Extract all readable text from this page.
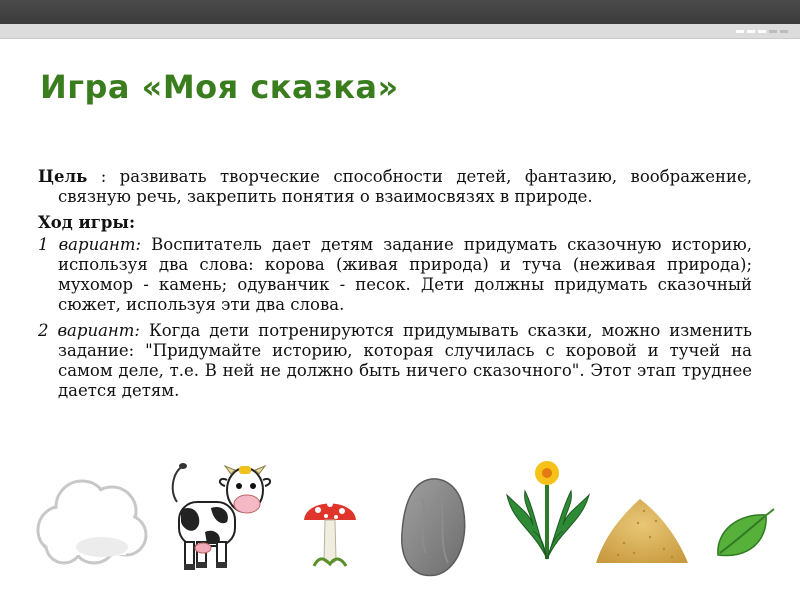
Игра «Моя сказка»

Цель : развивать творческие способности детей, фантазию, воображение, связную речь, закрепить понятия о взаимосвязях в природе.

Ход игры:

1 вариант: Воспитатель дает детям задание придумать сказочную историю, используя два слова: корова (живая природа) и туча (неживая природа); мухомор - камень; одуванчик - песок. Дети должны придумать сказочный сюжет, используя эти два слова.

2 вариант: Когда дети потренируются придумывать сказки, можно изменить задание: "Придумайте историю, которая случилась с коровой и тучей на самом деле, т.е. В ней не должно быть ничего сказочного". Этот этап труднее дается детям.
